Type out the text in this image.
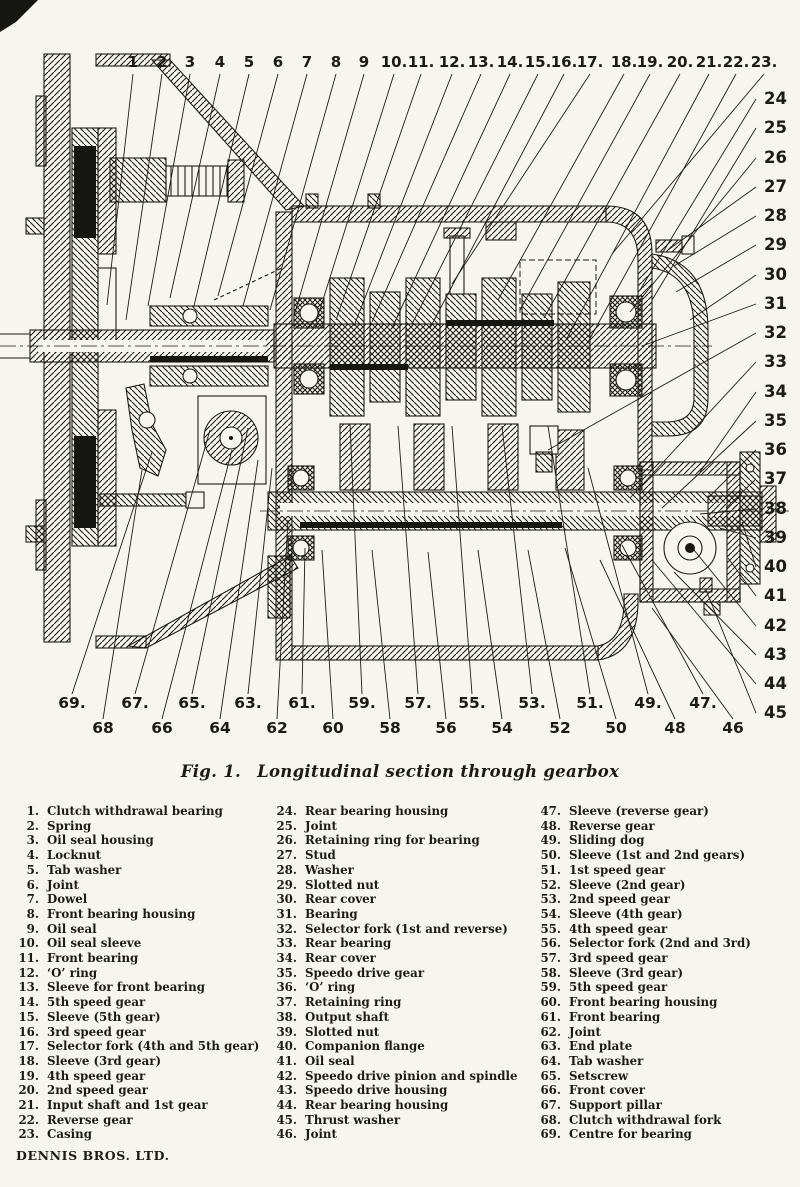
1 2 3 4 5 6 7 8 9 10. 11. 12. 13. 14. 15. 16. 17. 18. 19. 20. 21. 22. 23.
24
25
26
27
28
29
30
31
32
33
34
35
36
37
38
39
40
41
42
43
44
45
69. 67. 65. 63. 61. 59. 57. 55. 53. 51. 49. 47.
68 66 64 62 60 58 56 54 52 50 48 46
Fig. 1. Longitudinal section through gearbox
1. Clutch withdrawal bearing
2. Spring
3. Oil seal housing
4. Locknut
5. Tab washer
6. Joint
7. Dowel
8. Front bearing housing
9. Oil seal
10. Oil seal sleeve
11. Front bearing
12. ‘O’ ring
13. Sleeve for front bearing
14. 5th speed gear
15. Sleeve (5th gear)
16. 3rd speed gear
17. Selector fork (4th and 5th gear)
18. Sleeve (3rd gear)
19. 4th speed gear
20. 2nd speed gear
21. Input shaft and 1st gear
22. Reverse gear
23. Casing
24. Rear bearing housing
25. Joint
26. Retaining ring for bearing
27. Stud
28. Washer
29. Slotted nut
30. Rear cover
31. Bearing
32. Selector fork (1st and reverse)
33. Rear bearing
34. Rear cover
35. Speedo drive gear
36. ‘O’ ring
37. Retaining ring
38. Output shaft
39. Slotted nut
40. Companion flange
41. Oil seal
42. Speedo drive pinion and spindle
43. Speedo drive housing
44. Rear bearing housing
45. Thrust washer
46. Joint
47. Sleeve (reverse gear)
48. Reverse gear
49. Sliding dog
50. Sleeve (1st and 2nd gears)
51. 1st speed gear
52. Sleeve (2nd gear)
53. 2nd speed gear
54. Sleeve (4th gear)
55. 4th speed gear
56. Selector fork (2nd and 3rd)
57. 3rd speed gear
58. Sleeve (3rd gear)
59. 5th speed gear
60. Front bearing housing
61. Front bearing
62. Joint
63. End plate
64. Tab washer
65. Setscrew
66. Front cover
67. Support pillar
68. Clutch withdrawal fork
69. Centre for bearing
DENNIS BROS. LTD.
